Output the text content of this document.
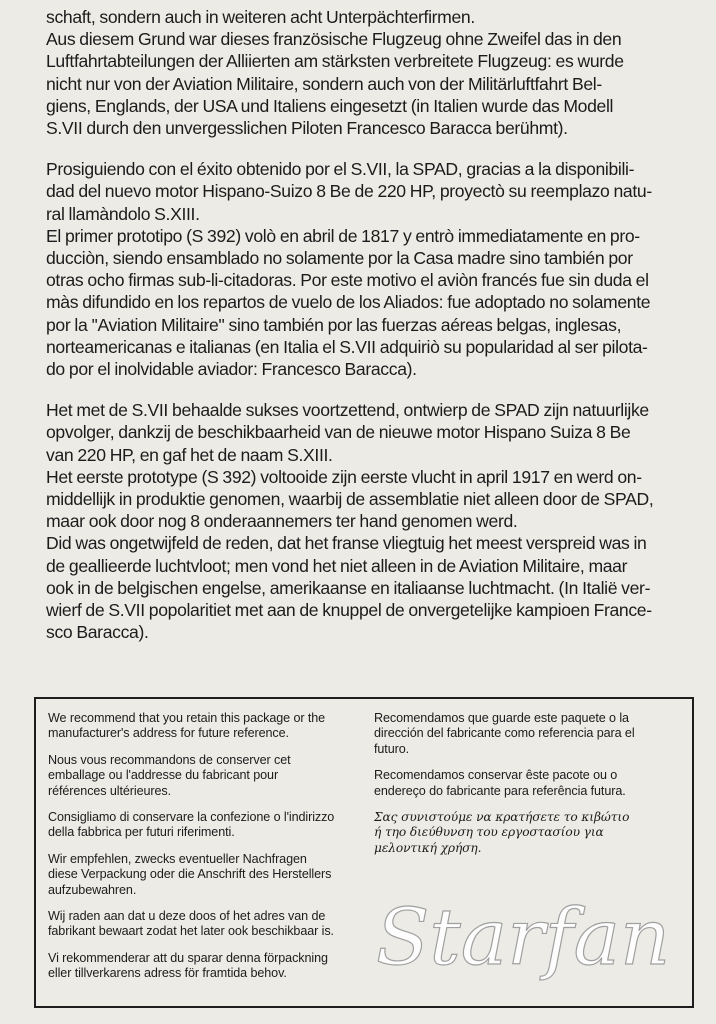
schaft, sondern auch in weiteren acht Unterpächterfirmen.

Aus diesem Grund war dieses französische Flugzeug ohne Zweifel das in den
Luftfahrtabteilungen der Alliierten am stärksten verbreitete Flugzeug: es wurde
nicht nur von der Aviation Militaire, sondern auch von der Militärluftfahrt Bel-
giens, Englands, der USA und Italiens eingesetzt (in Italien wurde das Modell
S.VII durch den unvergesslichen Piloten Francesco Baracca berühmt).

Prosiguiendo con el éxito obtenido por el S.VII, la SPAD, gracias a la disponibili-
dad del nuevo motor Hispano-Suizo 8 Be de 220 HP, proyectò su reemplazo natu-
ral llamàndolo S.XIII.

El primer prototipo (S 392) volò en abril de 1817 y entrò immediatamente en pro-
ducciòn, siendo ensamblado no solamente por la Casa madre sino también por
otras ocho firmas sub-li-citadoras. Por este motivo el aviòn francés fue sin duda el
màs difundido en los repartos de vuelo de los Aliados: fue adoptado no solamente
por la ''Aviation Militaire'' sino también por las fuerzas aéreas belgas, inglesas,
norteamericanas e italianas (en Italia el S.VII adquiriò su popularidad al ser pilota-
do por el inolvidable aviador: Francesco Baracca).

Het met de S.VII behaalde sukses voortzettend, ontwierp de SPAD zijn natuurlijke
opvolger, dankzij de beschikbaarheid van de nieuwe motor Hispano Suiza 8 Be
van 220 HP, en gaf het de naam S.XIII.

Het eerste prototype (S 392) voltooide zijn eerste vlucht in april 1917 en werd on-
middellijk in produktie genomen, waarbij de assemblatie niet alleen door de SPAD,
maar ook door nog 8 onderaannemers ter hand genomen werd.

Did was ongetwijfeld de reden, dat het franse vliegtuig het meest verspreid was in
de geallieerde luchtvloot; men vond het niet alleen in de Aviation Militaire, maar
ook in de belgischen engelse, amerikaanse en italiaanse luchtmacht. (In Italië ver-
wierf de S.VII popolaritiet met aan de knuppel de onvergetelijke kampioen France-
sco Baracca).

We recommend that you retain this package or the
manufacturer's address for future reference.

Nous vous recommandons de conserver cet
emballage ou l'addresse du fabricant pour
références ultérieures.

Consigliamo di conservare la confezione o l'indirizzo
della fabbrica per futuri riferimenti.

Wir empfehlen, zwecks eventueller Nachfragen
diese Verpackung oder die Anschrift des Herstellers
aufzubewahren.

Wij raden aan dat u deze doos of het adres van de
fabrikant bewaart zodat het later ook beschikbaar is.

Vi rekommenderar att du sparar denna förpackning
eller tillverkarens adress för framtida behov.

Recomendamos que guarde este paquete o la
dirección del fabricante como referencia para el
futuro.

Recomendamos conservar êste pacote ou o
endereço do fabricante para referência futura.

Σας συνιστούμε να κρατήσετε το κιβώτιο
ή τηο διεύθυνση του εργοστασίου για
μελοντική χρήση.

Starfan
